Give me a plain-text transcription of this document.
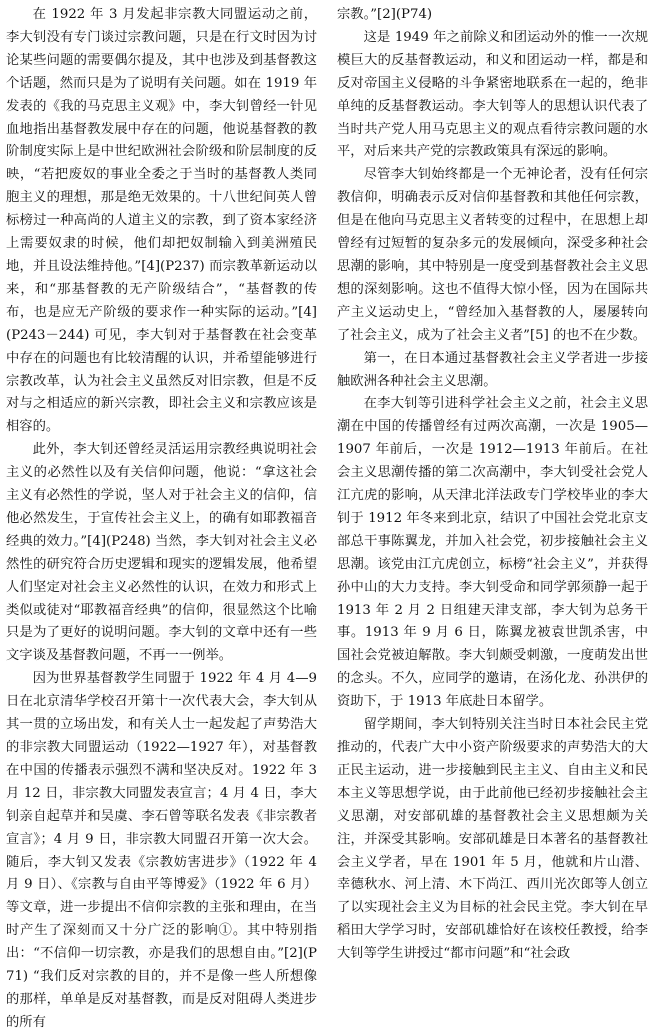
在 1922 年 3 月发起非宗教大同盟运动之前，李大钊没有专门谈过宗教问题，只是在行文时因为讨论某些问题的需要偶尔提及，其中也涉及到基督教这个话题，然而只是为了说明有关问题。如在 1919 年发表的《我的马克思主义观》中，李大钊曾经一针见血地指出基督教发展中存在的问题，他说基督教的教阶制度实际上是中世纪欧洲社会阶级和阶层制度的反映，“若把废奴的事业全委之于当时的基督教人类同胞主义的理想，那是绝无效果的。十八世纪间英人曾标榜过一种高尚的人道主义的宗教，到了资本家经济上需要奴隶的时候，他们却把奴制输入到美洲殖民地，并且设法维持他。”[4](P237) 而宗教革新运动以来，和“那基督教的无产阶级结合”，“基督教的传布，也是应无产阶级的要求作一种实际的运动。”[4](P243－244) 可见，李大钊对于基督教在社会变革中存在的问题也有比较清醒的认识，并希望能够进行宗教改革，认为社会主义虽然反对旧宗教，但是不反对与之相适应的新兴宗教，即社会主义和宗教应该是相容的。

此外，李大钊还曾经灵活运用宗教经典说明社会主义的必然性以及有关信仰问题，他说：“拿这社会主义有必然性的学说，坚人对于社会主义的信仰，信他必然发生，于宣传社会主义上，的确有如耶教福音经典的效力。”[4](P248) 当然，李大钊对社会主义必然性的研究符合历史逻辑和现实的逻辑发展，他希望人们坚定对社会主义必然性的认识，在效力和形式上类似或徒对“耶教福音经典”的信仰，很显然这个比喻只是为了更好的说明问题。李大钊的文章中还有一些文字谈及基督教问题，不再一一例举。

因为世界基督教学生同盟于 1922 年 4 月 4—9 日在北京清华学校召开第十一次代表大会，李大钊从其一贯的立场出发，和有关人士一起发起了声势浩大的非宗教大同盟运动（1922—1927 年），对基督教在中国的传播表示强烈不满和坚决反对。1922 年 3 月 12 日，非宗教大同盟发表宣言；4 月 4 日，李大钊亲自起草并和吴虞、李石曾等联名发表《非宗教者宣言》；4 月 9 日，非宗教大同盟召开第一次大会。随后，李大钊又发表《宗教妨害进步》（1922 年 4 月 9 日）、《宗教与自由平等博爱》（1922 年 6 月）等文章，进一步提出不信仰宗教的主张和理由，在当时产生了深刻而又十分广泛的影响①。其中特别指出：“不信仰一切宗教，亦是我们的思想自由。”[2](P71) “我们反对宗教的目的，并不是像一些人所想像的那样，单单是反对基督教，而是反对阻碍人类进步的所有

宗教。”[2](P74)

这是 1949 年之前除义和团运动外的惟一一次规模巨大的反基督教运动，和义和团运动一样，都是和反对帝国主义侵略的斗争紧密地联系在一起的，绝非单纯的反基督教运动。李大钊等人的思想认识代表了当时共产党人用马克思主义的观点看待宗教问题的水平，对后来共产党的宗教政策具有深远的影响。

尽管李大钊始终都是一个无神论者，没有任何宗教信仰，明确表示反对信仰基督教和其他任何宗教，但是在他向马克思主义者转变的过程中，在思想上却曾经有过短暂的复杂多元的发展倾向，深受多种社会思潮的影响，其中特别是一度受到基督教社会主义思想的深刻影响。这也不值得大惊小怪，因为在国际共产主义运动史上，“曾经加入基督教的人，屡屡转向了社会主义，成为了社会主义者”[5] 的也不在少数。

第一，在日本通过基督教社会主义学者进一步接触欧洲各种社会主义思潮。

在李大钊等引进科学社会主义之前，社会主义思潮在中国的传播曾经有过两次高潮，一次是 1905—1907 年前后，一次是 1912—1913 年前后。在社会主义思潮传播的第二次高潮中，李大钊受社会党人江亢虎的影响，从天津北洋法政专门学校毕业的李大钊于 1912 年冬来到北京，结识了中国社会党北京支部总干事陈翼龙，并加入社会党，初步接触社会主义思潮。该党由江亢虎创立，标榜“社会主义”，并获得孙中山的大力支持。李大钊受命和同学郭须静一起于 1913 年 2 月 2 日组建天津支部，李大钊为总务干事。1913 年 9 月 6 日，陈翼龙被袁世凯杀害，中国社会党被迫解散。李大钊颇受刺激，一度萌发出世的念头。不久，应同学的邀请，在汤化龙、孙洪伊的资助下，于 1913 年底赴日本留学。

留学期间，李大钊特别关注当时日本社会民主党推动的，代表广大中小资产阶级要求的声势浩大的大正民主运动，进一步接触到民主主义、自由主义和民本主义等思想学说，由于此前他已经初步接触社会主义思潮，对安部矶雄的基督教社会主义思想颇为关注，并深受其影响。安部矶雄是日本著名的基督教社会主义学者，早在 1901 年 5 月，他就和片山潜、幸德秋水、河上清、木下尚江、西川光次郎等人创立了以实现社会主义为目标的社会民主党。李大钊在早稻田大学学习时，安部矶雄恰好在该校任教授，给李大钊等学生讲授过“都市问题”和“社会政
